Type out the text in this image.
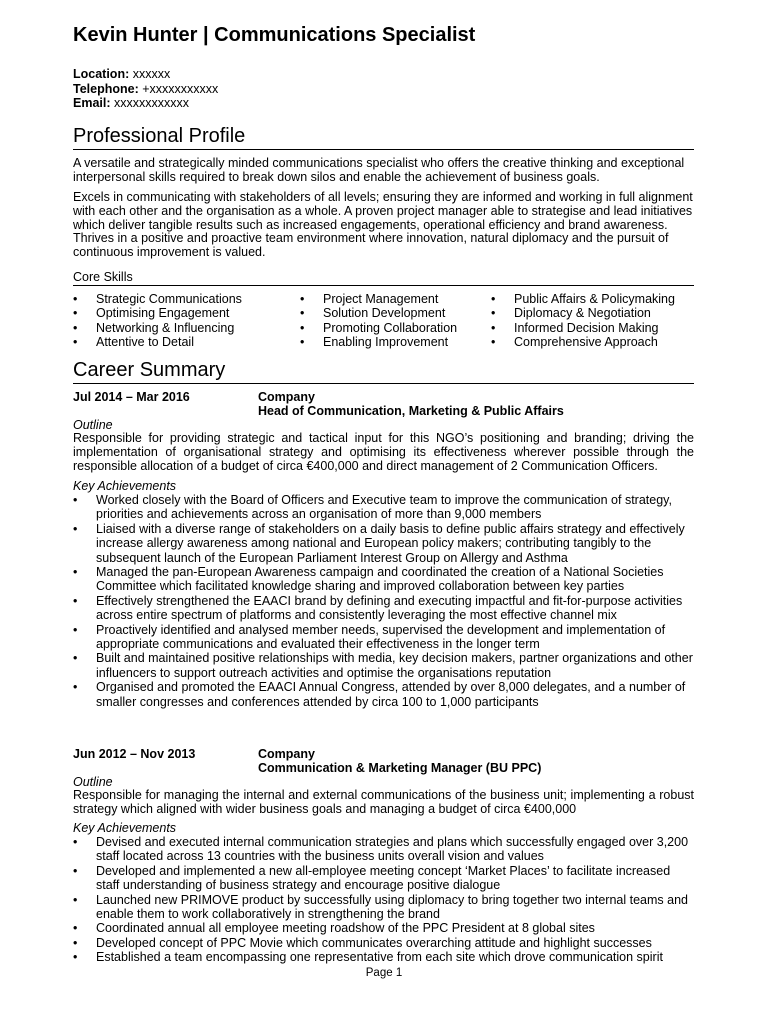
Kevin Hunter | Communications Specialist
Location: xxxxxx
Telephone: +xxxxxxxxxxx
Email: xxxxxxxxxxxx
Professional Profile

A versatile and strategically minded communications specialist who offers the creative thinking and exceptional interpersonal skills required to break down silos and enable the achievement of business goals.

Excels in communicating with stakeholders of all levels; ensuring they are informed and working in full alignment with each other and the organisation as a whole. A proven project manager able to strategise and lead initiatives which deliver tangible results such as increased engagements, operational efficiency and brand awareness. Thrives in a positive and proactive team environment where innovation, natural diplomacy and the pursuit of continuous improvement is valued.

Core Skills
• Strategic Communications
• Optimising Engagement
• Networking & Influencing
• Attentive to Detail
• Project Management
• Solution Development
• Promoting Collaboration
• Enabling Improvement
• Public Affairs & Policymaking
• Diplomacy & Negotiation
• Informed Decision Making
• Comprehensive Approach
Career Summary
Jul 2014 – Mar 2016	Company
Head of Communication, Marketing & Public Affairs
Outline

Responsible for providing strategic and tactical input for this NGO’s positioning and branding; driving the implementation of organisational strategy and optimising its effectiveness wherever possible through the responsible allocation of a budget of circa €400,000 and direct management of 2 Communication Officers.

Key Achievements
• Worked closely with the Board of Officers and Executive team to improve the communication of strategy, priorities and achievements across an organisation of more than 9,000 members
• Liaised with a diverse range of stakeholders on a daily basis to define public affairs strategy and effectively increase allergy awareness among national and European policy makers; contributing tangibly to the subsequent launch of the European Parliament Interest Group on Allergy and Asthma
• Managed the pan-European Awareness campaign and coordinated the creation of a National Societies Committee which facilitated knowledge sharing and improved collaboration between key parties
• Effectively strengthened the EAACI brand by defining and executing impactful and fit-for-purpose activities across entire spectrum of platforms and consistently leveraging the most effective channel mix
• Proactively identified and analysed member needs, supervised the development and implementation of appropriate communications and evaluated their effectiveness in the longer term
• Built and maintained positive relationships with media, key decision makers, partner organizations and other influencers to support outreach activities and optimise the organisations reputation
• Organised and promoted the EAACI Annual Congress, attended by over 8,000 delegates, and a number of smaller congresses and conferences attended by circa 100 to 1,000 participants
Jun 2012 – Nov 2013	Company
Communication & Marketing Manager (BU PPC)
Outline

Responsible for managing the internal and external communications of the business unit; implementing a robust strategy which aligned with wider business goals and managing a budget of circa €400,000

Key Achievements
• Devised and executed internal communication strategies and plans which successfully engaged over 3,200 staff located across 13 countries with the business units overall vision and values
• Developed and implemented a new all-employee meeting concept ‘Market Places’ to facilitate increased staff understanding of business strategy and encourage positive dialogue
• Launched new PRIMOVE product by successfully using diplomacy to bring together two internal teams and enable them to work collaboratively in strengthening the brand
• Coordinated annual all employee meeting roadshow of the PPC President at 8 global sites
• Developed concept of PPC Movie which communicates overarching attitude and highlight successes
• Established a team encompassing one representative from each site which drove communication spirit
Page 1
